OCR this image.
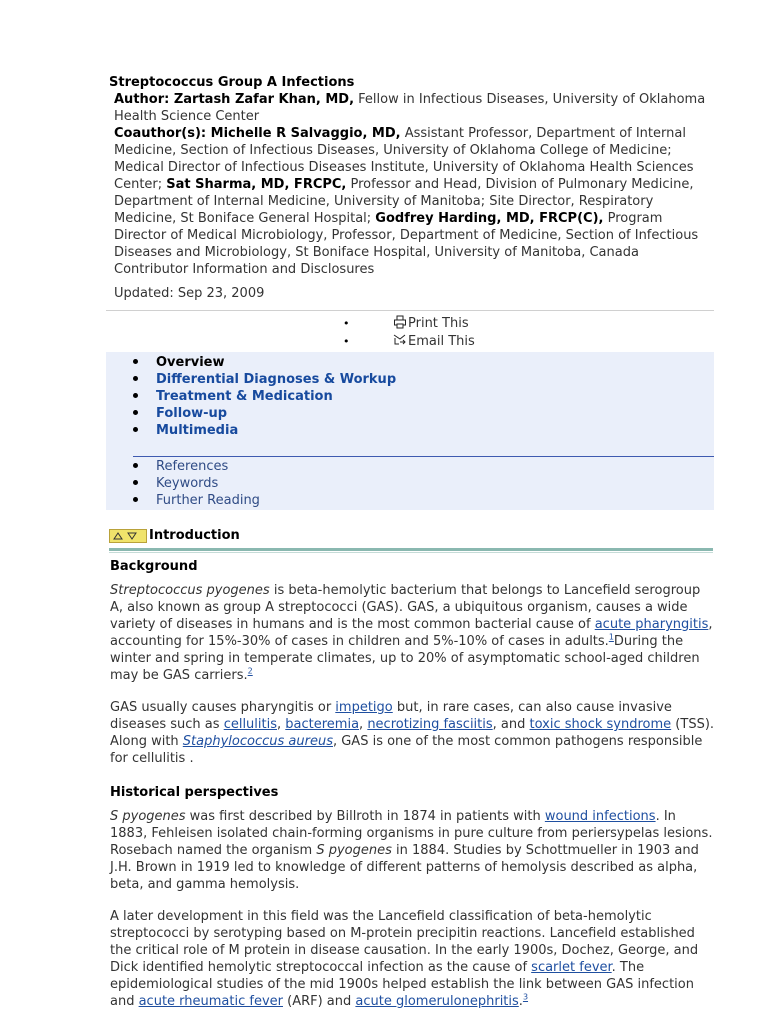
Streptococcus Group A Infections
Author: Zartash Zafar Khan, MD, Fellow in Infectious Diseases, University of Oklahoma Health Science Center
Coauthor(s): Michelle R Salvaggio, MD, Assistant Professor, Department of Internal Medicine, Section of Infectious Diseases, University of Oklahoma College of Medicine; Medical Director of Infectious Diseases Institute, University of Oklahoma Health Sciences Center; Sat Sharma, MD, FRCPC, Professor and Head, Division of Pulmonary Medicine, Department of Internal Medicine, University of Manitoba; Site Director, Respiratory Medicine, St Boniface General Hospital; Godfrey Harding, MD, FRCP(C), Program Director of Medical Microbiology, Professor, Department of Medicine, Section of Infectious Diseases and Microbiology, St Boniface Hospital, University of Manitoba, Canada
Contributor Information and Disclosures
Updated: Sep 23, 2009
•	Print This
•	Email This
Overview
Differential Diagnoses & Workup
Treatment & Medication
Follow-up
Multimedia
References
Keywords
Further Reading
Introduction
Background

Streptococcus pyogenes is beta-hemolytic bacterium that belongs to Lancefield serogroup A, also known as group A streptococci (GAS). GAS, a ubiquitous organism, causes a wide variety of diseases in humans and is the most common bacterial cause of acute pharyngitis, accounting for 15%-30% of cases in children and 5%-10% of cases in adults.$^1$During the winter and spring in temperate climates, up to 20% of asymptomatic school-aged children may be GAS carriers.$^2$

GAS usually causes pharyngitis or impetigo but, in rare cases, can also cause invasive diseases such as cellulitis, bacteremia, necrotizing fasciitis, and toxic shock syndrome (TSS). Along with Staphylococcus aureus, GAS is one of the most common pathogens responsible for cellulitis .

Historical perspectives

S pyogenes was first described by Billroth in 1874 in patients with wound infections. In 1883, Fehleisen isolated chain-forming organisms in pure culture from periersypelas lesions. Rosebach named the organism S pyogenes in 1884. Studies by Schottmueller in 1903 and J.H. Brown in 1919 led to knowledge of different patterns of hemolysis described as alpha, beta, and gamma hemolysis.

A later development in this field was the Lancefield classification of beta-hemolytic streptococci by serotyping based on M-protein precipitin reactions. Lancefield established the critical role of M protein in disease causation. In the early 1900s, Dochez, George, and Dick identified hemolytic streptococcal infection as the cause of scarlet fever. The epidemiological studies of the mid 1900s helped establish the link between GAS infection and acute rheumatic fever (ARF) and acute glomerulonephritis.$^3$
